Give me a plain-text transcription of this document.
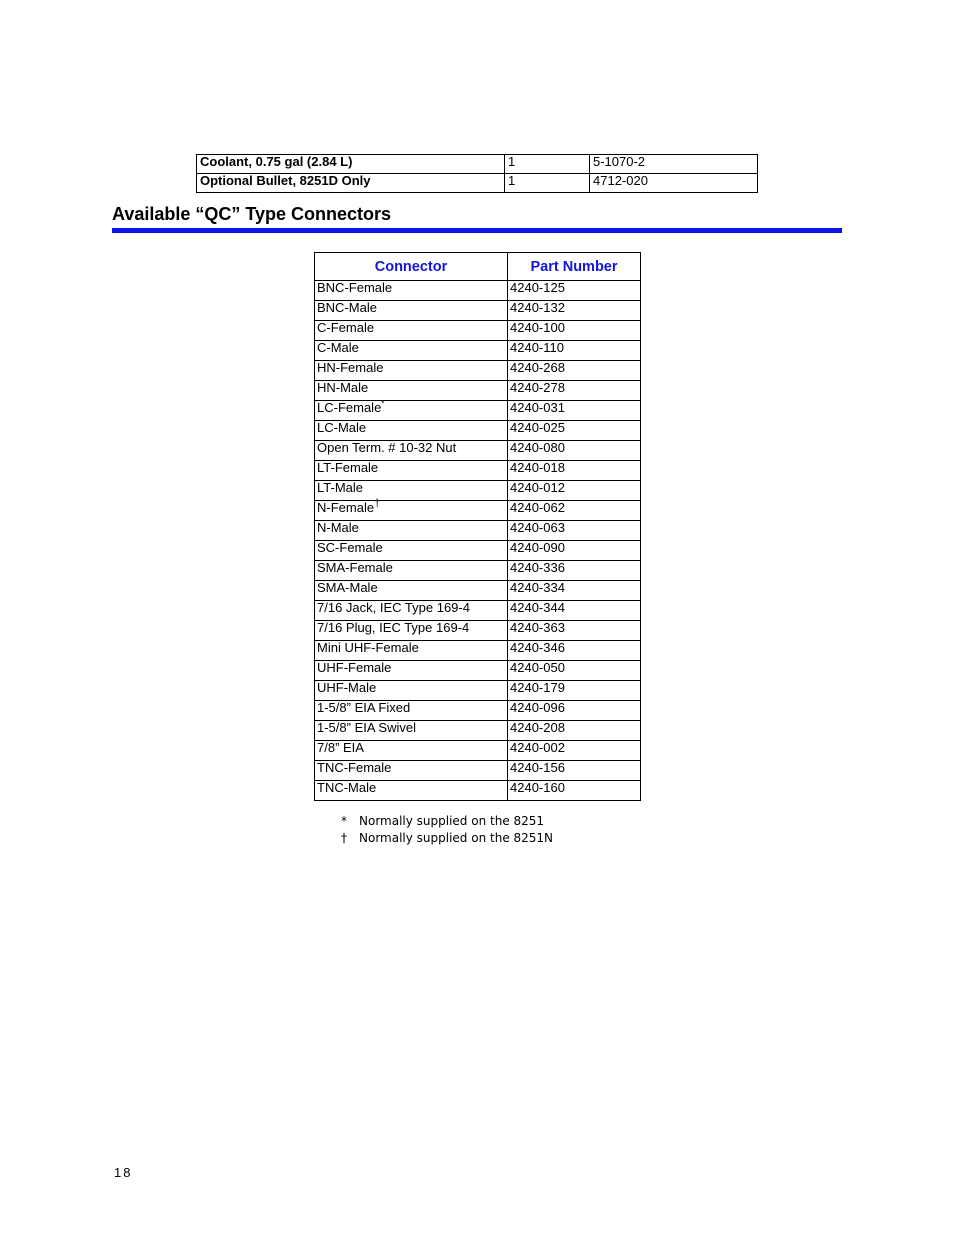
Coolant, 0.75 gal (2.84 L)	1	5-1070-2
Optional Bullet, 8251D Only	1	4712-020
Available “QC” Type Connectors
Connector	Part Number
BNC-Female	4240-125
BNC-Male	4240-132
C-Female	4240-100
C-Male	4240-110
HN-Female	4240-268
HN-Male	4240-278
LC-Female*	4240-031
LC-Male	4240-025
Open Term. # 10-32 Nut	4240-080
LT-Female	4240-018
LT-Male	4240-012
N-Female†	4240-062
N-Male	4240-063
SC-Female	4240-090
SMA-Female	4240-336
SMA-Male	4240-334
7/16 Jack, IEC Type 169-4	4240-344
7/16 Plug, IEC Type 169-4	4240-363
Mini UHF-Female	4240-346
UHF-Female	4240-050
UHF-Male	4240-179
1-5/8” EIA Fixed	4240-096
1-5/8” EIA Swivel	4240-208
7/8” EIA	4240-002
TNC-Female	4240-156
TNC-Male	4240-160
* Normally supplied on the 8251
† Normally supplied on the 8251N
18
